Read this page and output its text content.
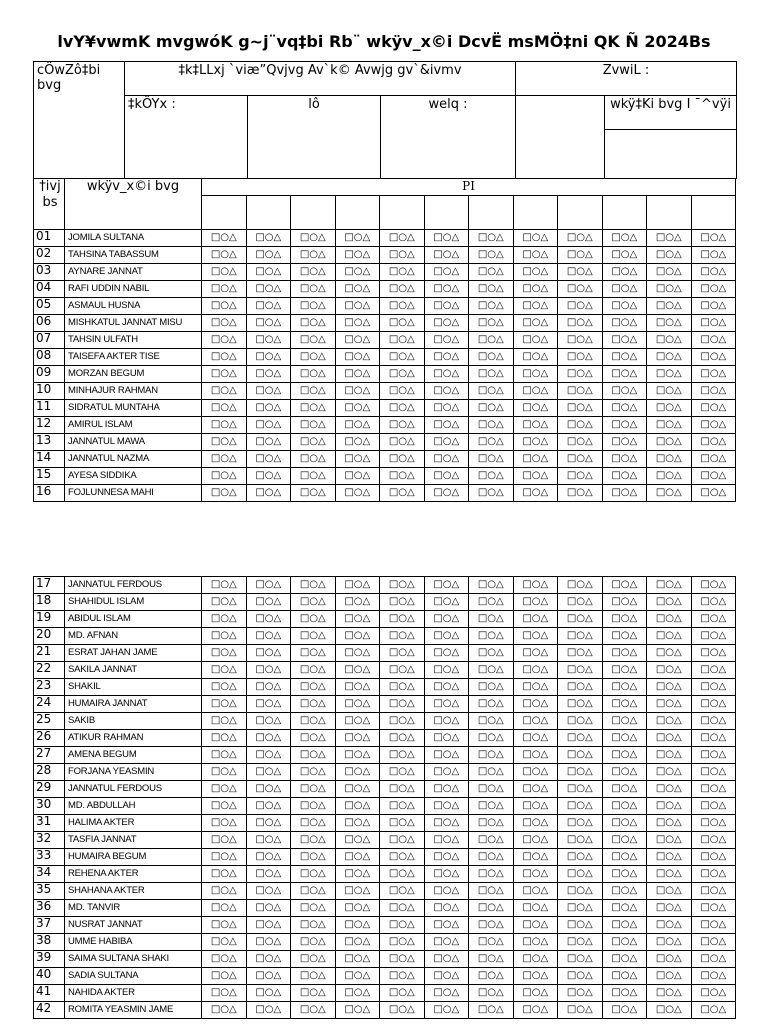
lvY¥vwmK mvgwóK g~j¨vq‡bi Rb¨ wkÿv_x©i DcvË msMÖ‡ni QK Ñ 2024Bs
cÖwZô‡bi bvg	‡k‡LLxj `viæ”Qvjvg Av`k© Avwjg gv`&ivmv			ZvwiL :	
	‡kÖYx :	lô	welq :		wkÿ‡Ki bvg I ¯^vÿi

†ivj bs	wkÿv_x©i bvg	PI											

01	JOMILA SULTANA	□○△	□○△	□○△	□○△	□○△	□○△	□○△	□○△	□○△	□○△	□○△	□○△
02	TAHSINA TABASSUM	□○△	□○△	□○△	□○△	□○△	□○△	□○△	□○△	□○△	□○△	□○△	□○△
03	AYNARE JANNAT	□○△	□○△	□○△	□○△	□○△	□○△	□○△	□○△	□○△	□○△	□○△	□○△
04	RAFI UDDIN NABIL	□○△	□○△	□○△	□○△	□○△	□○△	□○△	□○△	□○△	□○△	□○△	□○△
05	ASMAUL HUSNA	□○△	□○△	□○△	□○△	□○△	□○△	□○△	□○△	□○△	□○△	□○△	□○△
06	MISHKATUL JANNAT MISU	□○△	□○△	□○△	□○△	□○△	□○△	□○△	□○△	□○△	□○△	□○△	□○△
07	TAHSIN ULFATH	□○△	□○△	□○△	□○△	□○△	□○△	□○△	□○△	□○△	□○△	□○△	□○△
08	TAISEFA AKTER TISE	□○△	□○△	□○△	□○△	□○△	□○△	□○△	□○△	□○△	□○△	□○△	□○△
09	MORZAN BEGUM	□○△	□○△	□○△	□○△	□○△	□○△	□○△	□○△	□○△	□○△	□○△	□○△
10	MINHAJUR RAHMAN	□○△	□○△	□○△	□○△	□○△	□○△	□○△	□○△	□○△	□○△	□○△	□○△
11	SIDRATUL MUNTAHA	□○△	□○△	□○△	□○△	□○△	□○△	□○△	□○△	□○△	□○△	□○△	□○△
12	AMIRUL ISLAM	□○△	□○△	□○△	□○△	□○△	□○△	□○△	□○△	□○△	□○△	□○△	□○△
13	JANNATUL MAWA	□○△	□○△	□○△	□○△	□○△	□○△	□○△	□○△	□○△	□○△	□○△	□○△
14	JANNATUL NAZMA	□○△	□○△	□○△	□○△	□○△	□○△	□○△	□○△	□○△	□○△	□○△	□○△
15	AYESA SIDDIKA	□○△	□○△	□○△	□○△	□○△	□○△	□○△	□○△	□○△	□○△	□○△	□○△
16	FOJLUNNESA MAHI	□○△	□○△	□○△	□○△	□○△	□○△	□○△	□○△	□○△	□○△	□○△	□○△
17	JANNATUL FERDOUS	□○△	□○△	□○△	□○△	□○△	□○△	□○△	□○△	□○△	□○△	□○△	□○△
18	SHAHIDUL ISLAM	□○△	□○△	□○△	□○△	□○△	□○△	□○△	□○△	□○△	□○△	□○△	□○△
19	ABIDUL ISLAM	□○△	□○△	□○△	□○△	□○△	□○△	□○△	□○△	□○△	□○△	□○△	□○△
20	MD. AFNAN	□○△	□○△	□○△	□○△	□○△	□○△	□○△	□○△	□○△	□○△	□○△	□○△
21	ESRAT JAHAN JAME	□○△	□○△	□○△	□○△	□○△	□○△	□○△	□○△	□○△	□○△	□○△	□○△
22	SAKILA JANNAT	□○△	□○△	□○△	□○△	□○△	□○△	□○△	□○△	□○△	□○△	□○△	□○△
23	SHAKIL	□○△	□○△	□○△	□○△	□○△	□○△	□○△	□○△	□○△	□○△	□○△	□○△
24	HUMAIRA JANNAT	□○△	□○△	□○△	□○△	□○△	□○△	□○△	□○△	□○△	□○△	□○△	□○△
25	SAKIB	□○△	□○△	□○△	□○△	□○△	□○△	□○△	□○△	□○△	□○△	□○△	□○△
26	ATIKUR RAHMAN	□○△	□○△	□○△	□○△	□○△	□○△	□○△	□○△	□○△	□○△	□○△	□○△
27	AMENA BEGUM	□○△	□○△	□○△	□○△	□○△	□○△	□○△	□○△	□○△	□○△	□○△	□○△
28	FORJANA YEASMIN	□○△	□○△	□○△	□○△	□○△	□○△	□○△	□○△	□○△	□○△	□○△	□○△
29	JANNATUL FERDOUS	□○△	□○△	□○△	□○△	□○△	□○△	□○△	□○△	□○△	□○△	□○△	□○△
30	MD. ABDULLAH	□○△	□○△	□○△	□○△	□○△	□○△	□○△	□○△	□○△	□○△	□○△	□○△
31	HALIMA AKTER	□○△	□○△	□○△	□○△	□○△	□○△	□○△	□○△	□○△	□○△	□○△	□○△
32	TASFIA JANNAT	□○△	□○△	□○△	□○△	□○△	□○△	□○△	□○△	□○△	□○△	□○△	□○△
33	HUMAIRA BEGUM	□○△	□○△	□○△	□○△	□○△	□○△	□○△	□○△	□○△	□○△	□○△	□○△
34	REHENA AKTER	□○△	□○△	□○△	□○△	□○△	□○△	□○△	□○△	□○△	□○△	□○△	□○△
35	SHAHANA AKTER	□○△	□○△	□○△	□○△	□○△	□○△	□○△	□○△	□○△	□○△	□○△	□○△
36	MD. TANVIR	□○△	□○△	□○△	□○△	□○△	□○△	□○△	□○△	□○△	□○△	□○△	□○△
37	NUSRAT JANNAT	□○△	□○△	□○△	□○△	□○△	□○△	□○△	□○△	□○△	□○△	□○△	□○△
38	UMME HABIBA	□○△	□○△	□○△	□○△	□○△	□○△	□○△	□○△	□○△	□○△	□○△	□○△
39	SAIMA SULTANA SHAKI	□○△	□○△	□○△	□○△	□○△	□○△	□○△	□○△	□○△	□○△	□○△	□○△
40	SADIA SULTANA	□○△	□○△	□○△	□○△	□○△	□○△	□○△	□○△	□○△	□○△	□○△	□○△
41	NAHIDA AKTER	□○△	□○△	□○△	□○△	□○△	□○△	□○△	□○△	□○△	□○△	□○△	□○△
42	ROMITA YEASMIN JAME	□○△	□○△	□○△	□○△	□○△	□○△	□○△	□○△	□○△	□○△	□○△	□○△
